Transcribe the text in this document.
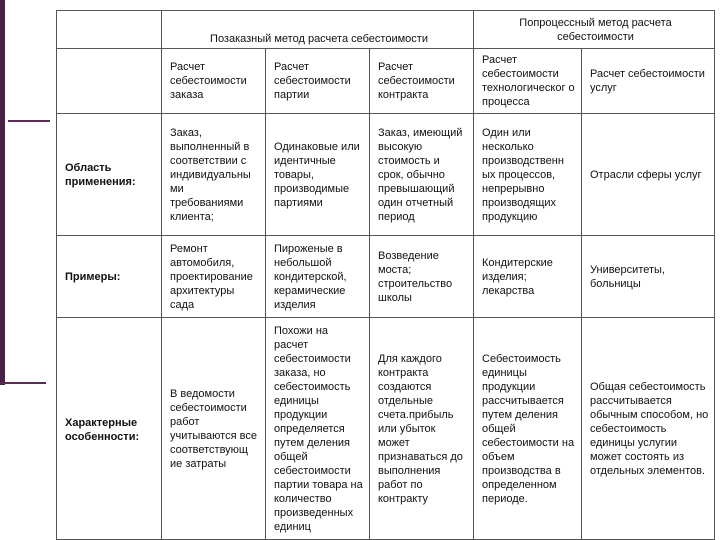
	Позаказный метод расчета себестоимости			Попроцессный метод расчета себестоимости	
	Расчет себестоимости заказа	Расчет себестоимости партии	Расчет себестоимости контракта	Расчет себестоимости технологическог о процесса	Расчет себестоимости услуг
Область применения:	Заказ, выполненный в соответствии с индивидуальны ми требованиями клиента;	Одинаковые или идентичные товары, производимые партиями	Заказ, имеющий высокую стоимость и срок, обычно превышающий один отчетный период	Один или несколько производственн ых процессов, непрерывно производящих продукцию	Отрасли сферы услуг
Примеры:	Ремонт автомобиля, проектирование архитектуры сада	Пироженые в небольшой кондитерской, керамические изделия	Возведение моста; строительство школы	Кондитерские изделия; лекарства	Университеты, больницы
Характерные особенности:	В ведомости себестоимости работ учитываются все соответствующ ие затраты	Похожи на расчет себестоимости заказа, но себестоимость единицы продукции определяется путем деления общей себестоимости партии товара на количество произведенных единиц	Для каждого контракта создаются отдельные счета.прибыль или убыток может признаваться до выполнения работ по контракту	Себестоимость единицы продукции рассчитывается путем деления общей себестоимости на объем производства в определенном периоде.	Общая себестоимость рассчитывается обычным способом, но себестоимость единицы услугии может состоять из отдельных элементов.
